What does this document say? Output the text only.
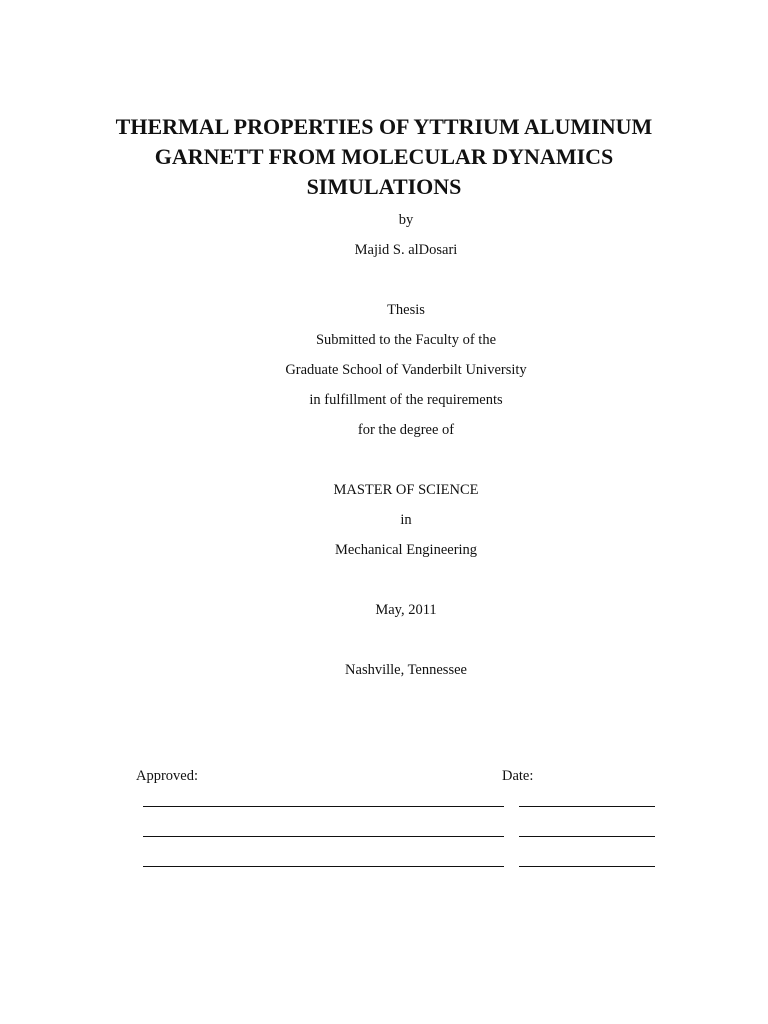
THERMAL PROPERTIES OF YTTRIUM ALUMINUM
GARNETT FROM MOLECULAR DYNAMICS
SIMULATIONS
by
Majid S. alDosari
Thesis
Submitted to the Faculty of the
Graduate School of Vanderbilt University
in fulfillment of the requirements
for the degree of
MASTER OF SCIENCE
in
Mechanical Engineering
May, 2011
Nashville, Tennessee
Approved:	Date:
